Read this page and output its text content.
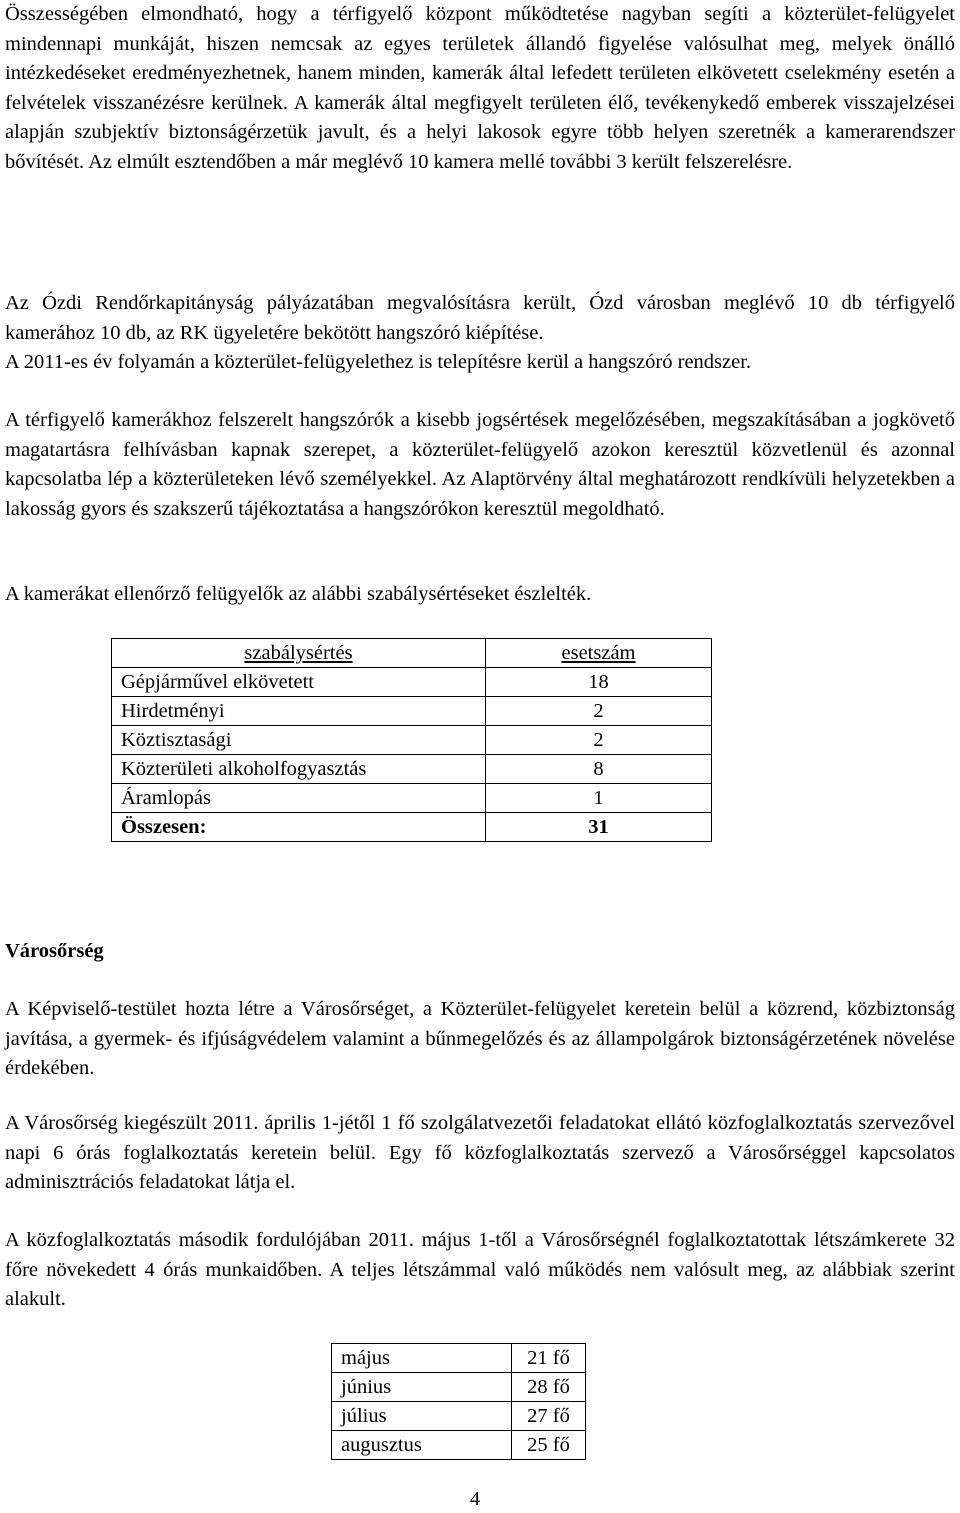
Összességében elmondható, hogy a térfigyelő központ működtetése nagyban segíti a közterület-felügyelet mindennapi munkáját, hiszen nemcsak az egyes területek állandó figyelése valósulhat meg, melyek önálló intézkedéseket eredményezhetnek, hanem minden, kamerák által lefedett területen elkövetett cselekmény esetén a felvételek visszanézésre kerülnek. A kamerák által megfigyelt területen élő, tevékenykedő emberek visszajelzései alapján szubjektív biztonságérzetük javult, és a helyi lakosok egyre több helyen szeretnék a kamerarendszer bővítését. Az elmúlt esztendőben a már meglévő 10 kamera mellé további 3 került felszerelésre.

Az Ózdi Rendőrkapitányság pályázatában megvalósításra került, Ózd városban meglévő 10 db térfigyelő kamerához 10 db, az RK ügyeletére bekötött hangszóró kiépítése.

A 2011-es év folyamán a közterület-felügyelethez is telepítésre kerül a hangszóró rendszer.

A térfigyelő kamerákhoz felszerelt hangszórók a kisebb jogsértések megelőzésében, megszakításában a jogkövető magatartásra felhívásban kapnak szerepet, a közterület-felügyelő azokon keresztül közvetlenül és azonnal kapcsolatba lép a közterületeken lévő személyekkel. Az Alaptörvény által meghatározott rendkívüli helyzetekben a lakosság gyors és szakszerű tájékoztatása a hangszórókon keresztül megoldható.

A kamerákat ellenőrző felügyelők az alábbi szabálysértéseket észlelték.

szabálysértés	esetszám
Gépjárművel elkövetett	18
Hirdetményi	2
Köztisztasági	2
Közterületi alkoholfogyasztás	8
Áramlopás	1
Összesen:	31
Városőrség

A Képviselő-testület hozta létre a Városőrséget, a Közterület-felügyelet keretein belül a közrend, közbiztonság javítása, a gyermek- és ifjúságvédelem valamint a bűnmegelőzés és az állampolgárok biztonságérzetének növelése érdekében.

A Városőrség kiegészült 2011. április 1-jétől 1 fő szolgálatvezetői feladatokat ellátó közfoglalkoztatás szervezővel napi 6 órás foglalkoztatás keretein belül. Egy fő közfoglalkoztatás szervező a Városőrséggel kapcsolatos adminisztrációs feladatokat látja el.

A közfoglalkoztatás második fordulójában 2011. május 1-től a Városőrségnél foglalkoztatottak létszámkerete 32 főre növekedett 4 órás munkaidőben. A teljes létszámmal való működés nem valósult meg, az alábbiak szerint alakult.

május	21 fő
június	28 fő
július	27 fő
augusztus	25 fő
4
